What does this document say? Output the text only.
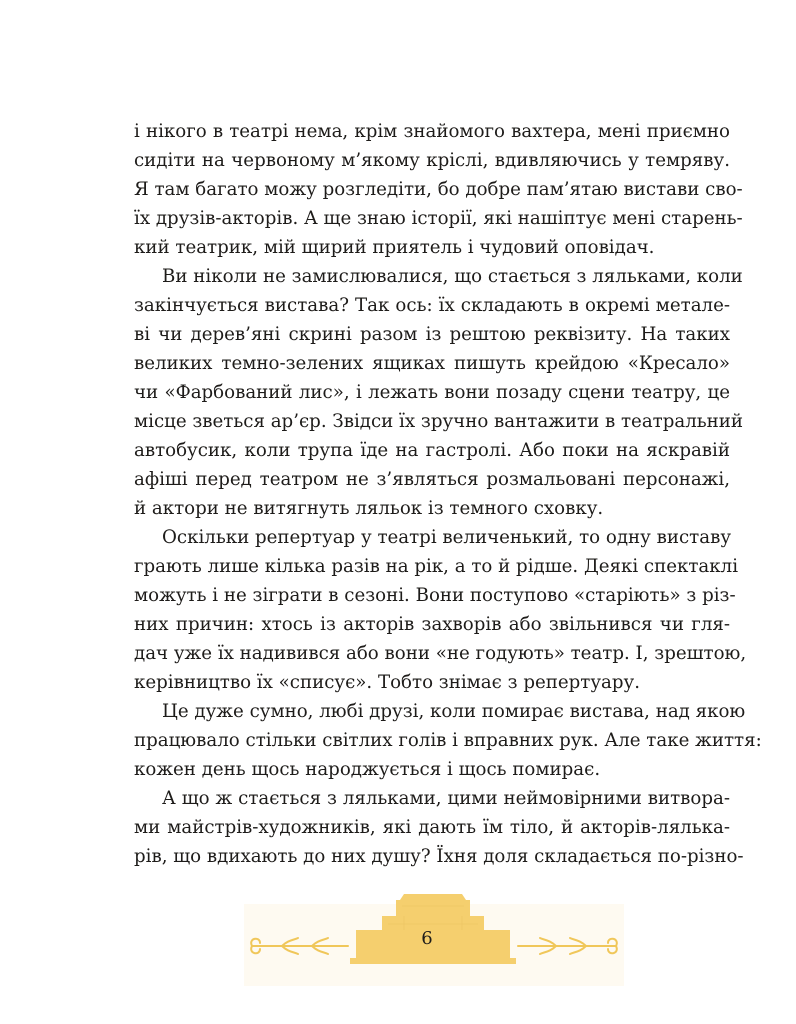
і нікого в театрі нема, крім знайомого вахтера, мені приємно
сидіти на червоному м’якому кріслі, вдивляючись у темряву.
Я там багато можу розгледіти, бо добре пам’ятаю вистави сво-
їх друзів-акторів. А ще знаю історії, які нашіптує мені старень-
кий театрик, мій щирий приятель і чудовий оповідач.
Ви ніколи не замислювалися, що стається з ляльками, коли
закінчується вистава? Так ось: їх складають в окремі метале-
ві чи дерев’яні скрині разом із рештою реквізиту. На таких
великих темно-зелених ящиках пишуть крейдою «Кресало»
чи «Фарбований лис», і лежать вони позаду сцени театру, це
місце зветься ар’єр. Звідси їх зручно вантажити в театральний
автобусик, коли трупа їде на гастролі. Або поки на яскравій
афіші перед театром не з’являться розмальовані персонажі,
й актори не витягнуть ляльок із темного сховку.
Оскільки репертуар у театрі величенький, то одну виставу
грають лише кілька разів на рік, а то й рідше. Деякі спектаклі
можуть і не зіграти в сезоні. Вони поступово «старіють» з різ-
них причин: хтось із акторів захворів або звільнився чи гля-
дач уже їх надивився або вони «не годують» театр. І, зрештою,
керівництво їх «списує». Тобто знімає з репертуару.
Це дуже сумно, любі друзі, коли помирає вистава, над якою
працювало стільки світлих голів і вправних рук. Але таке життя:
кожен день щось народжується і щось помирає.
А що ж стається з ляльками, цими неймовірними витвора-
ми майстрів-художників, які дають їм тіло, й акторів-лялька-
рів, що вдихають до них душу? Їхня доля складається по-різно-
6
